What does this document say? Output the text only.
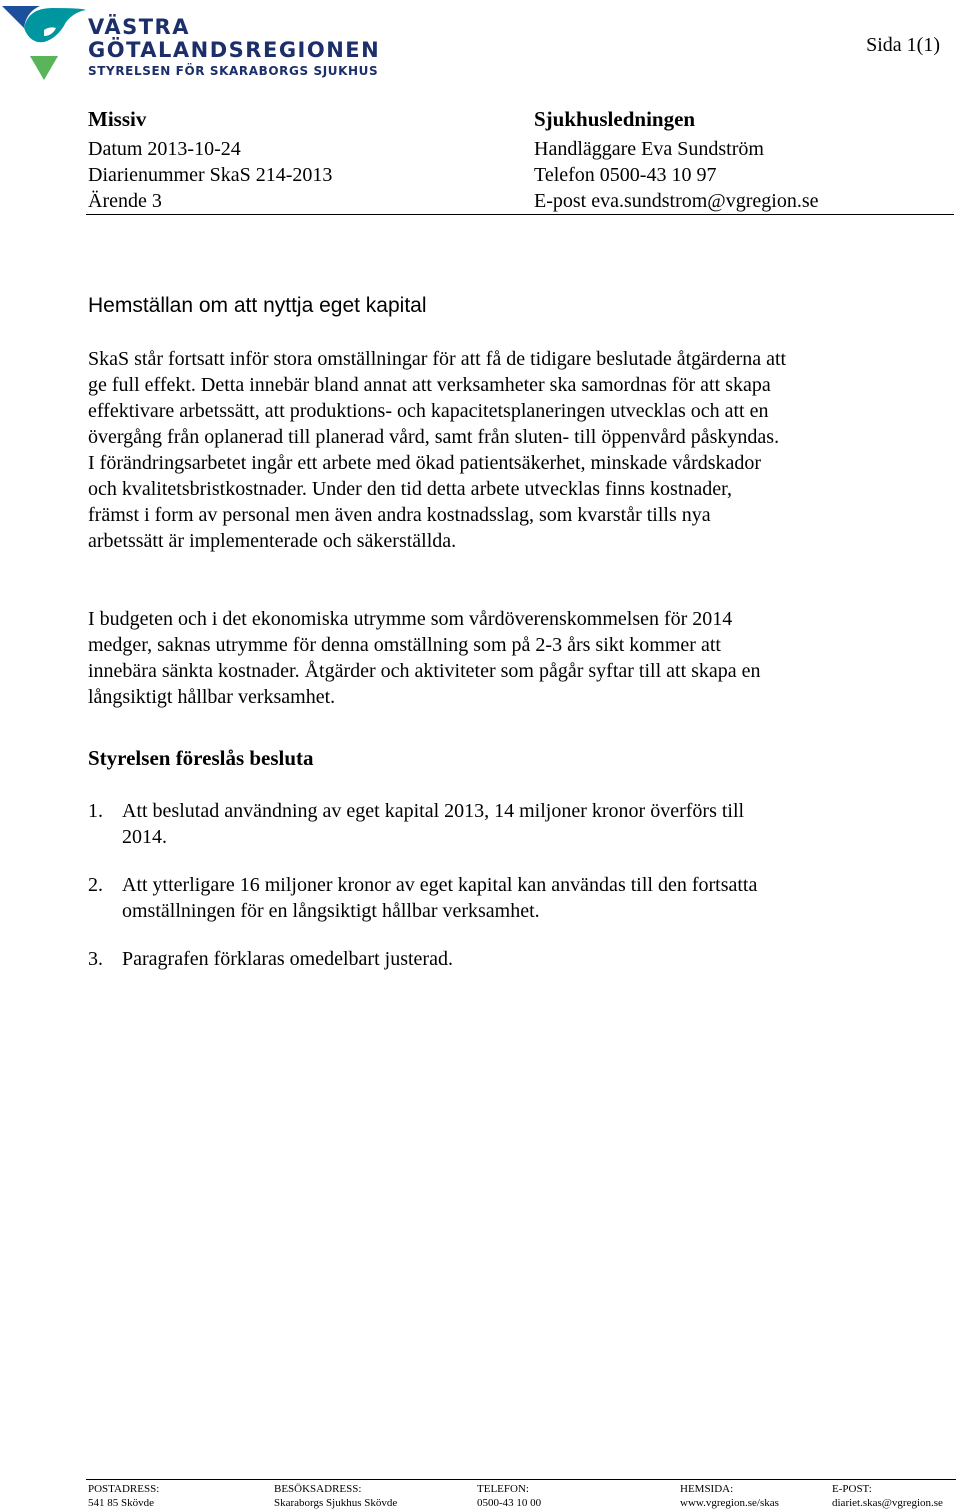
VÄSTRA
GÖTALANDSREGIONEN
STYRELSEN FÖR SKARABORGS SJUKHUS
Sida 1(1)
Missiv
Datum 2013-10-24
Diarienummer SkaS 214-2013
Ärende 3
Sjukhusledningen
Handläggare Eva Sundström
Telefon 0500-43 10 97
E-post eva.sundstrom@vgregion.se
Hemställan om att nyttja eget kapital

SkaS står fortsatt inför stora omställningar för att få de tidigare beslutade åtgärderna att ge full effekt. Detta innebär bland annat att verksamheter ska samordnas för att skapa effektivare arbetssätt, att produktions- och kapacitetsplaneringen utvecklas och att en övergång från oplanerad till planerad vård, samt från sluten- till öppenvård påskyndas. I förändringsarbetet ingår ett arbete med ökad patientsäkerhet, minskade vårdskador och kvalitetsbristkostnader. Under den tid detta arbete utvecklas finns kostnader, främst i form av personal men även andra kostnadsslag, som kvarstår tills nya arbetssätt är implementerade och säkerställda.

I budgeten och i det ekonomiska utrymme som vårdöverenskommelsen för 2014 medger, saknas utrymme för denna omställning som på 2-3 års sikt kommer att innebära sänkta kostnader. Åtgärder och aktiviteter som pågår syftar till att skapa en långsiktigt hållbar verksamhet.

Styrelsen föreslås besluta
1. Att beslutad användning av eget kapital 2013, 14 miljoner kronor överförs till 2014.
2. Att ytterligare 16 miljoner kronor av eget kapital kan användas till den fortsatta omställningen för en långsiktigt hållbar verksamhet.
3. Paragrafen förklaras omedelbart justerad.
POSTADRESS:
541 85 Skövde
BESÖKSADRESS:
Skaraborgs Sjukhus Skövde
TELEFON:
0500-43 10 00
HEMSIDA:
www.vgregion.se/skas
E-POST:
diariet.skas@vgregion.se
